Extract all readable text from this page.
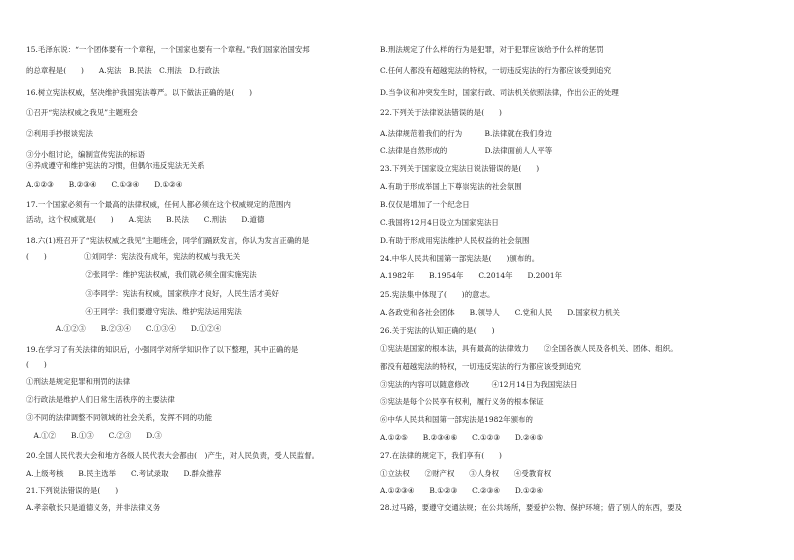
15.毛泽东说：“一个团体要有一个章程，一个国家也要有一个章程。”我们国家治国安邦
的总章程是(　　)　　A.宪法　B.民法　C.刑法　D.行政法
16.树立宪法权威，坚决维护我国宪法尊严。以下做法正确的是(　　)
①召开“宪法权威之我见”主题班会
②利用手抄报谈宪法
③分小组讨论，编制宣传宪法的标语
④养成遵守和维护宪法的习惯，但偶尔违反宪法无关系
A.①②③　　B.②③④　　C.①③④　　D.①②④
17.一个国家必须有一个最高的法律权威，任何人都必须在这个权威规定的范围内
活动，这个权威就是(　　)　　A.宪法　　B.民法　　C.刑法　　D.道德
18.六(1)班召开了“宪法权威之我见”主题班会，同学们踊跃发言，你认为发言正确的是
(　　)　　　　　①刘同学：宪法没有成年，宪法的权威与我无关
　　　　　　　　②张同学：维护宪法权威，我们就必须全面实施宪法
　　　　　　　　③李同学：宪法有权威，国家秩序才良好，人民生活才美好
　　　　　　　　④王同学：我们要遵守宪法、维护宪法运用宪法
　　　　A.①②③　　B.②③④　　C.①③④　　D.①②④
19.在学习了有关法律的知识后，小强同学对所学知识作了以下整理，其中正确的是
(　　)
①刑法是规定犯罪和刑罚的法律
②行政法是维护人们日常生活秩序的主要法律
③不同的法律调整不同领域的社会关系，发挥不同的功能
　A.①②　　B.①③　　C.②③　　D.③
20.全国人民代表大会和地方各级人民代表大会都由(　)产生，对人民负责，受人民监督。
A.上级考核　　B.民主选举　　C.考试录取　　D.群众推荐
21.下列说法错误的是(　　)
A.孝亲敬长只是道德义务，并非法律义务
B.刑法规定了什么样的行为是犯罪，对于犯罪应该给予什么样的惩罚
C.任何人都没有超越宪法的特权，一切违反宪法的行为都应该受到追究
D.当争议和冲突发生时，国家行政、司法机关依照法律，作出公正的处理
22.下列关于法律说法错误的是(　　)
A.法律规范着我们的行为　　　B.法律就在我们身边
C.法律是自然形成的　　　　　D.法律面前人人平等
23.下列关于国家设立宪法日说法错误的是(　　)
A.有助于形成举国上下尊崇宪法的社会氛围
B.仅仅是增加了一个纪念日
C.我国将12月4日设立为国家宪法日
D.有助于形成用宪法维护人民权益的社会氛围
24.中华人民共和国第一部宪法是(　　)颁布的。
A.1982年　　B.1954年　　C.2014年　　D.2001年
25.宪法集中体现了(　　)的意志。
A.各政党和各社会团体　　B.领导人　　C.党和人民　　D.国家权力机关
26.关于宪法的认知正确的是(　　)
①宪法是国家的根本法，具有最高的法律效力　　②全国各族人民及各机关、团体、组织。
都没有超越宪法的特权，一切违反宪法的行为都应该受到追究
③宪法的内容可以随意修改　　　④12月14日为我国宪法日
⑤宪法是每个公民享有权利，履行义务的根本保证
⑥中华人民共和国第一部宪法是1982年颁布的
A.①②⑤　　B.②③④⑥　　C.①②③　　D.②④⑤
27.在法律的规定下，我们享有(　　)
①立法权　　②财产权　　③人身权　　④受教育权
A.①②③④　　B.①②③　　C.②③④　　D.①②④
28.过马路，要遵守交通法规；在公共场所，要爱护公物、保护环境；借了别人的东西，要及
